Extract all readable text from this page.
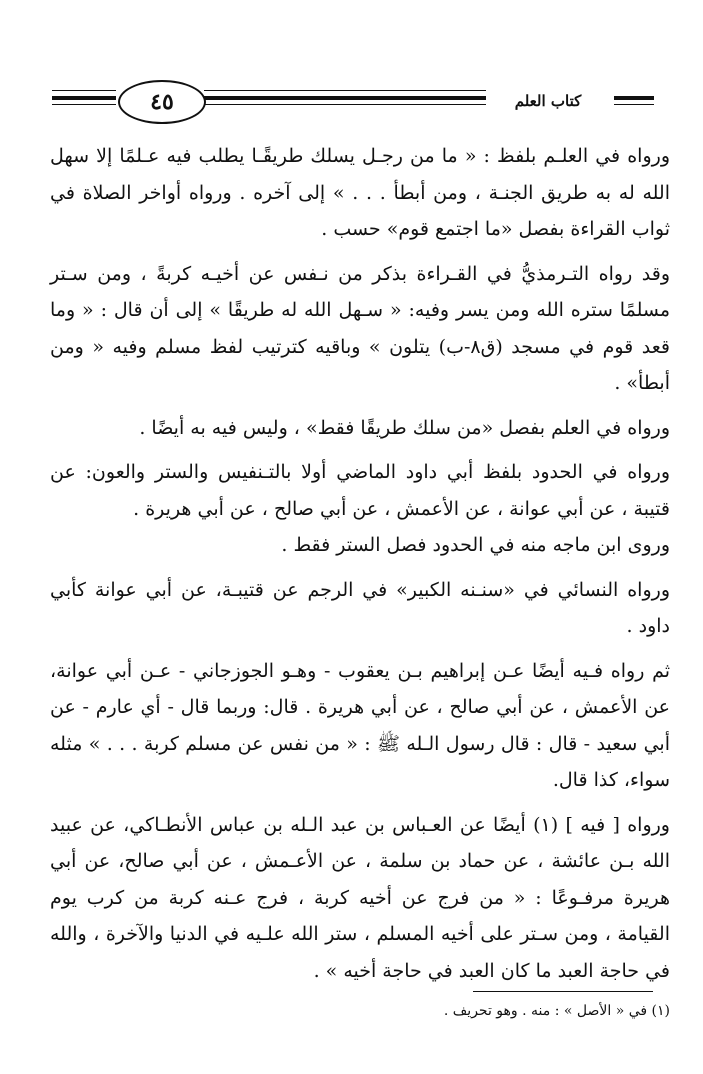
٤٥	كتاب العلم

ورواه في العلـم بلفظ : « ما من رجـل يسلك طريقًـا يطلب فيه عـلمًا إلا سهل الله له به طريق الجنـة ، ومن أبطأ . . . » إلى آخره . ورواه أواخر الصلاة في ثواب القراءة بفصل «ما اجتمع قوم» حسب .

وقد رواه التـرمذيُّ في القـراءة بذكر من نـفس عن أخيـه كربةً ، ومن سـتر مسلمًا ستره الله ومن يسر وفيه: « سـهل الله له طريقًا » إلى أن قال : « وما قعد قوم في مسجد (ق٨-ب) يتلون » وباقيه كترتيب لفظ مسلم وفيه « ومن أبطأ» .

ورواه في العلم بفصل «من سلك طريقًا فقط» ، وليس فيه به أيضًا .

ورواه في الحدود بلفظ أبي داود الماضي أولا بالتـنفيس والستر والعون: عن قتيبة ، عن أبي عوانة ، عن الأعمش ، عن أبي صالح ، عن أبي هريرة .

وروى ابن ماجه منه في الحدود فصل الستر فقط .

ورواه النسائي في «سنـنه الكبير» في الرجم عن قتيبـة، عن أبي عوانة كأبي داود .

ثم رواه فـيه أيضًا عـن إبراهيم بـن يعقوب - وهـو الجوزجاني - عـن أبي عوانة، عن الأعمش ، عن أبي صالح ، عن أبي هريرة . قال: وربما قال - أي عارم - عن أبي سعيد - قال : قال رسول الـله ﷺ : « من نفس عن مسلم كربة . . . » مثله سواء، كذا قال.

ورواه [ فيه ] (١) أيضًا عن العـباس بن عبد الـله بن عباس الأنطـاكي، عن عبيد الله بـن عائشة ، عن حماد بن سلمة ، عن الأعـمش ، عن أبي صالح، عن أبي هريرة مرفـوعًا : « من فرج عن أخيه كربة ، فرج عـنه كربة من كرب يوم القيامة ، ومن سـتر على أخيه المسلم ، ستر الله علـيه في الدنيا والآخرة ، والله في حاجة العبد ما كان العبد في حاجة أخيه » .

(١) في « الأصل » : منه . وهو تحريف .
